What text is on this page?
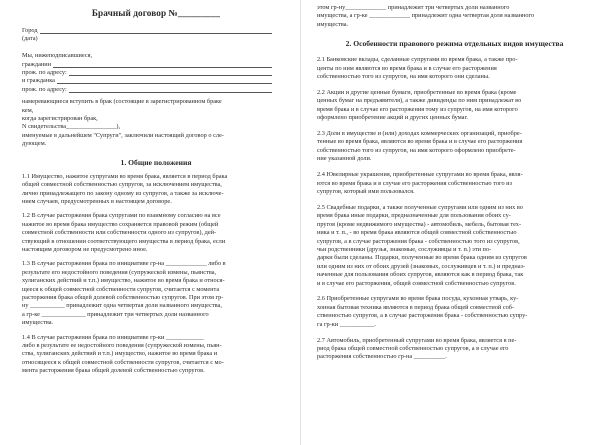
Брачный договор №_________
Город
(дата)

Мы, нижеподписавшиеся,
гражданин
прож. по адресу:
и гражданка
прож. по адресу:
намеревающиеся вступить в брак (состоящие в зарегистрированном браке
кем,
когда зарегистрирован брак,
N свидетельства________________),
именуемые в дальнейшем "Супруги", заключили настоящий договор о сле-
дующем.
1. Общие положения
1.1 Имущество, нажитое супругами во время брака, является в период брака
общей совместной собственностью супругов, за исключением имущества,
лично принадлежащего по закону одному из супругов, а также за исключе-
нием случаев, предусмотренных в настоящем договоре.
1.2 В случае расторжения брака супругами по взаимному согласию на все
нажитое во время брака имущество сохраняется правовой режим (общей
совместной собственности или собственности одного из супругов), дей-
ствующий в отношении соответствующего имущества в период брака, если
настоящим договором не предусмотрено иное.
1.3 В случае расторжения брака по инициативе гр-на _____________ либо в
результате его недостойного поведения (супружеской измены, пьянства,
хулиганских действий и т.п.) имущество, нажитое во время брака и относя-
щееся к общей совместной собственности супругов, считается с момента
расторжения брака общей долевой собственностью супругов. При этом гр-
ну ___________ принадлежит одна четвертая доли названного имущества,
а гр-ке ______________ принадлежит три четвертых доли названного
имущества.
1.4 В случае расторжения брака по инициативе гр-ки ____________
либо в результате ее недостойного поведения (супружеской измены, пьян-
ства, хулиганских действий и т.п.) имущество, нажитое во время брака и
относящееся к общей совместной собственности супругов, считается с мо-
мента расторжения брака общей долевой собственностью супругов.
этом гр-ну_____________ принадлежит три четвертых доли названного
имущества, а гр-ке _____________ принадлежит одна четвертая доля названного
имущества.
2. Особенности правового режима отдельных видов имущества
2.1 Банковские вклады, сделанные супругами во время брака, а также про-
центы по ним являются во время брака и в случае его расторжения
собственностью того из супругов, на имя которого они сделаны.
2.2 Акции и другие ценные бумаги, приобретенные во время брака (кроме
ценных бумаг на предъявителя), а также дивиденды по ним принадлежат во
время брака и в случае его расторжения тому из супругов, на имя которого
оформлено приобретение акций и других ценных бумаг.
2.3 Доли в имуществе и (или) доходах коммерческих организаций, приобре-
тенные во время брака, являются во время брака и в случае его расторжения
собственностью того из супругов, на имя которого оформлено приобрете-
ние указанной доли.
2.4 Ювелирные украшения, приобретенные супругами во время брака, явля-
ются во время брака и в случае его расторжения собственностью того из
супругов, который ими пользовался.
2.5 Свадебные подарки, а также полученные супругами или одним из них во
время брака иные подарки, предназначенные для пользования обоих су-
пругов (кроме недвижимого имущества) - автомобиль, мебель, бытовая тех-
ника и т. п., - во время брака являются общей совместной собственностью
супругов, а в случае расторжения брака - собственностью того из супругов,
чьи родственники (друзья, знакомые, сослуживцы и т. п.) эти по-
дарки были сделаны. Подарки, полученные во время брака одним из супругов
или одним из них от обоих друзей (знакомых, сослуживцев и т. п.) и предназ-
наченные для пользования обоих супругов, являются как в период брака, так
и в случае его расторжения, общей совместной собственностью супругов.
2.6 Приобретенные супругами во время брака посуда, кухонная утварь, ку-
хонная бытовая техника являются в период брака общей совместной соб-
ственностью супругов, а в случае расторжения брака - собственностью супру-
га гр-ки ___________.
2.7 Автомобиль, приобретенный супругами во время брака, является в пе-
риод брака общей совместной собственностью супругов, а в случае его
расторжения собственностью гр-на __________.
